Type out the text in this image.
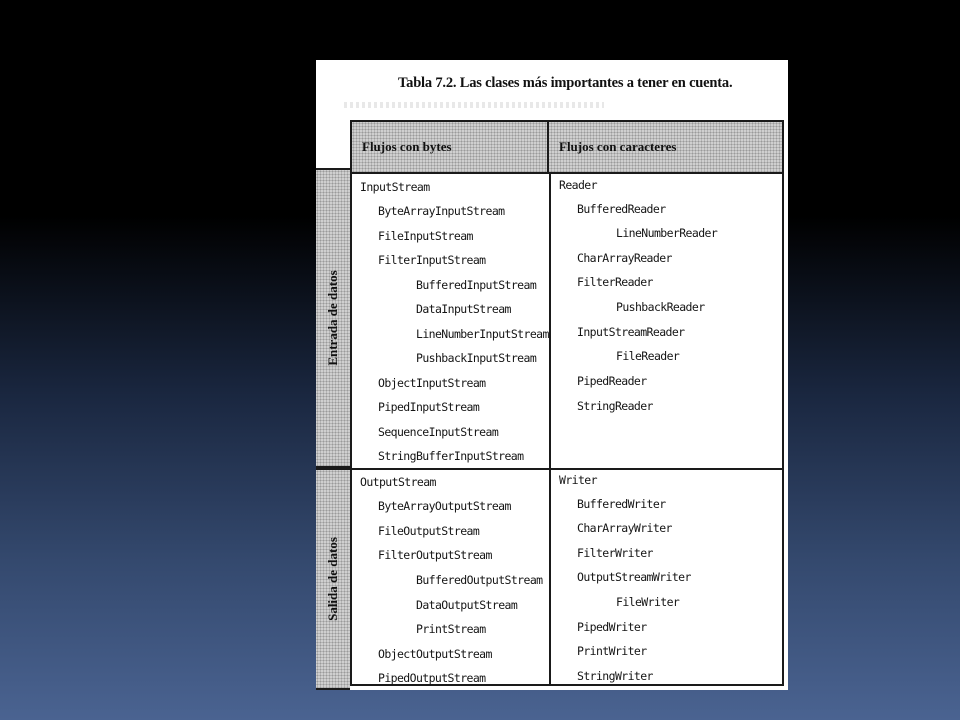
Tabla 7.2. Las clases más importantes a tener en cuenta.
Entrada de datos
Salida de datos
Flujos con bytes	Flujos con caracteres
InputStream
ByteArrayInputStream
FileInputStream
FilterInputStream
BufferedInputStream
DataInputStream
LineNumberInputStream
PushbackInputStream
ObjectInputStream
PipedInputStream
SequenceInputStream
StringBufferInputStream
Reader
BufferedReader
LineNumberReader
CharArrayReader
FilterReader
PushbackReader
InputStreamReader
FileReader
PipedReader
StringReader
OutputStream
ByteArrayOutputStream
FileOutputStream
FilterOutputStream
BufferedOutputStream
DataOutputStream
PrintStream
ObjectOutputStream
PipedOutputStream
Writer
BufferedWriter
CharArrayWriter
FilterWriter
OutputStreamWriter
FileWriter
PipedWriter
PrintWriter
StringWriter
